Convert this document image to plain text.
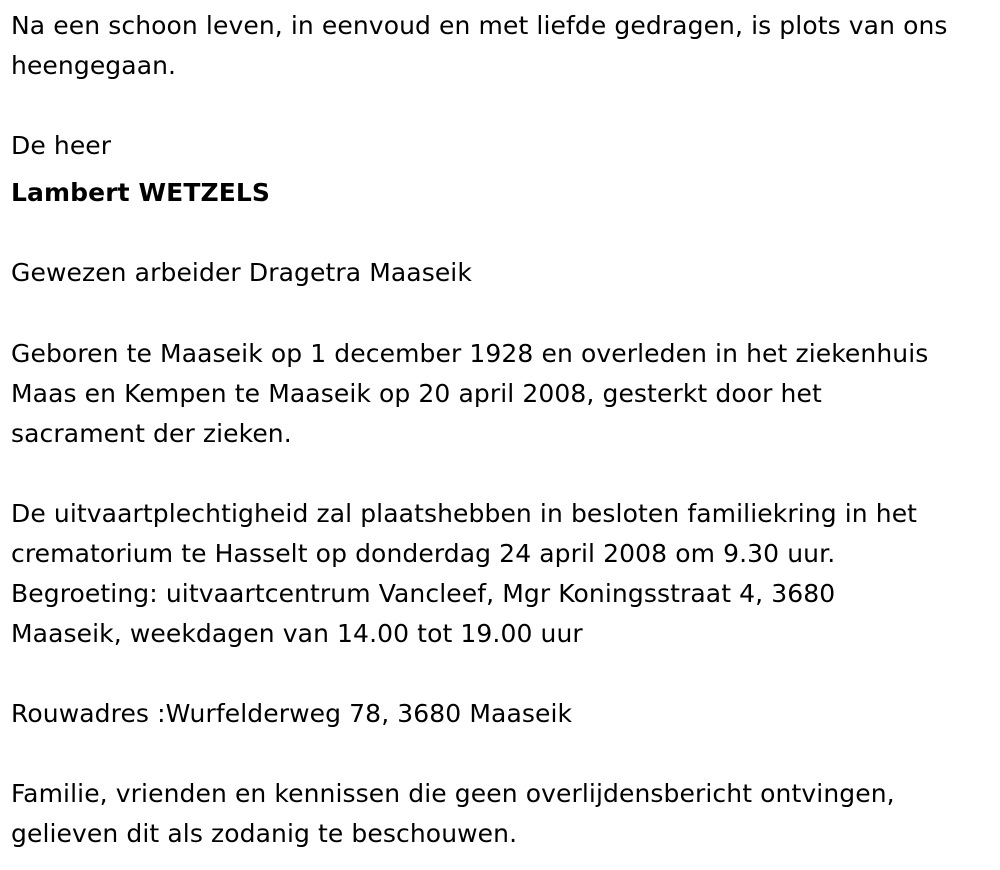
Na een schoon leven, in eenvoud en met liefde gedragen, is plots van ons
heengegaan.
De heer
Lambert WETZELS
Gewezen arbeider Dragetra Maaseik
Geboren te Maaseik op 1 december 1928 en overleden in het ziekenhuis
Maas en Kempen te Maaseik op 20 april 2008, gesterkt door het
sacrament der zieken.
De uitvaartplechtigheid zal plaatshebben in besloten familiekring in het
crematorium te Hasselt op donderdag 24 april 2008 om 9.30 uur.
Begroeting: uitvaartcentrum Vancleef, Mgr Koningsstraat 4, 3680
Maaseik, weekdagen van 14.00 tot 19.00 uur
Rouwadres :Wurfelderweg 78, 3680 Maaseik
Familie, vrienden en kennissen die geen overlijdensbericht ontvingen,
gelieven dit als zodanig te beschouwen.
